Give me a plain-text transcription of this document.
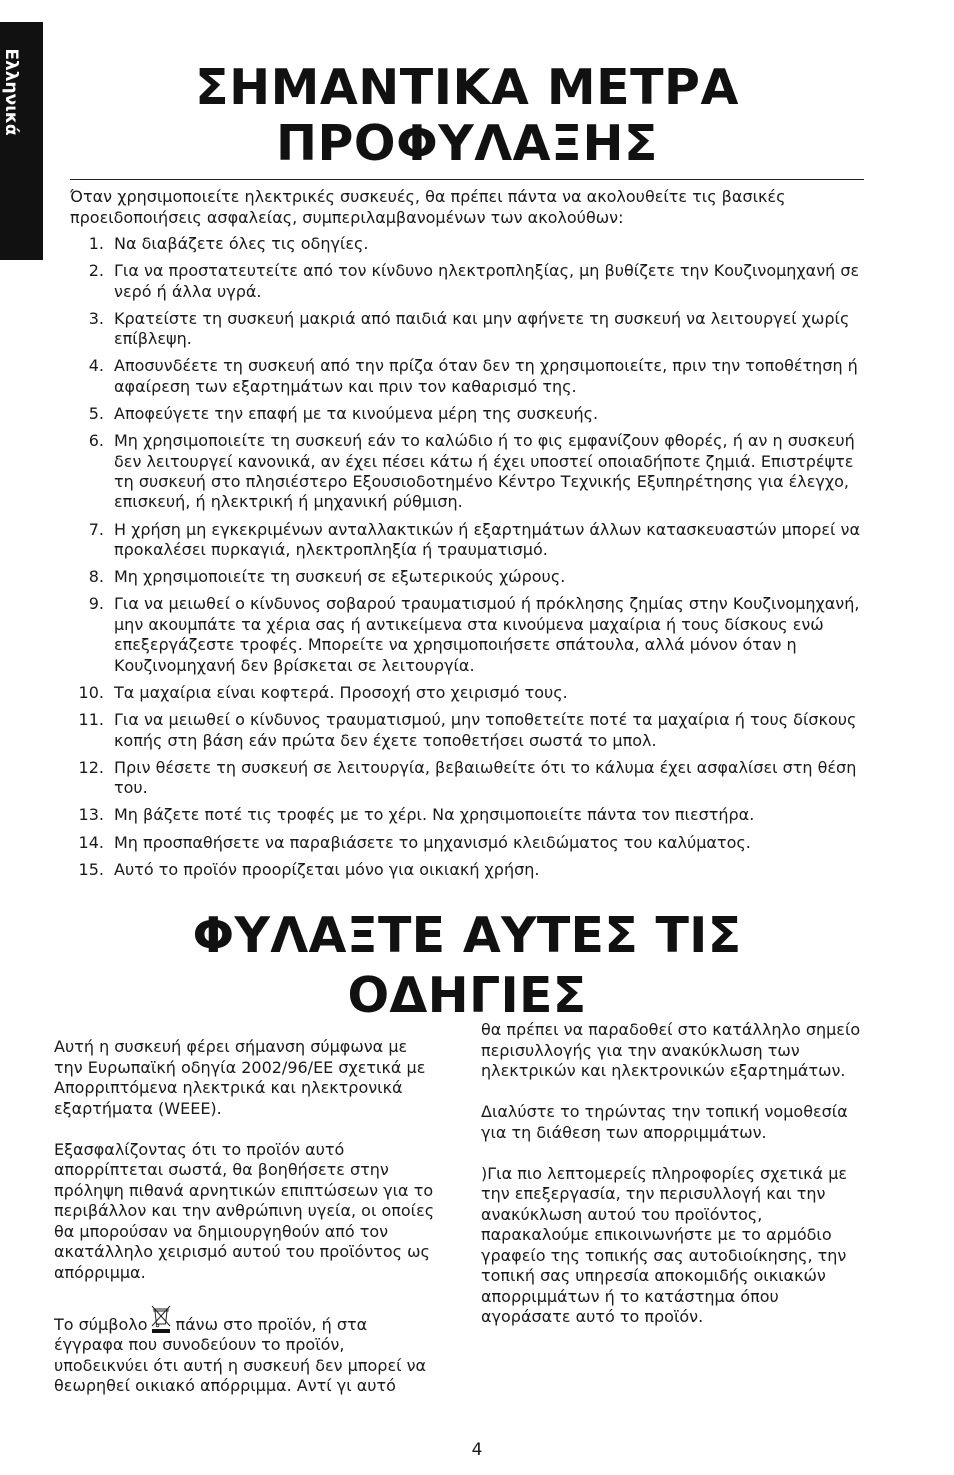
Ελληνικά	ΣΗΜΑΝΤΙΚΑ ΜΕΤΡΑ ΠΡΟΦΥΛΑΞΗΣ
Όταν χρησιμοποιείτε ηλεκτρικές συσκευές, θα πρέπει πάντα να ακολουθείτε τις βασικές προειδοποιήσεις ασφαλείας, συμπεριλαμβανομένων των ακολούθων:
1. Να διαβάζετε όλες τις οδηγίες.
2. Για να προστατευτείτε από τον κίνδυνο ηλεκτροπληξίας, μη βυθίζετε την Κουζινομηχανή σε νερό ή άλλα υγρά.
3. Κρατείστε τη συσκευή μακριά από παιδιά και μην αφήνετε τη συσκευή να λειτουργεί χωρίς επίβλεψη.
4. Αποσυνδέετε τη συσκευή από την πρίζα όταν δεν τη χρησιμοποιείτε, πριν την τοποθέτηση ή αφαίρεση των εξαρτημάτων και πριν τον καθαρισμό της.
5. Αποφεύγετε την επαφή με τα κινούμενα μέρη της συσκευής.
6. Μη χρησιμοποιείτε τη συσκευή εάν το καλώδιο ή το φις εμφανίζουν φθορές, ή αν η συσκευή δεν λειτουργεί κανονικά, αν έχει πέσει κάτω ή έχει υποστεί οποιαδήποτε ζημιά. Επιστρέψτε τη συσκευή στο πλησιέστερο Εξουσιοδοτημένο Κέντρο Τεχνικής Εξυπηρέτησης για έλεγχο, επισκευή, ή ηλεκτρική ή μηχανική ρύθμιση.
7. Η χρήση μη εγκεκριμένων ανταλλακτικών ή εξαρτημάτων άλλων κατασκευαστών μπορεί να προκαλέσει πυρκαγιά, ηλεκτροπληξία ή τραυματισμό.
8. Μη χρησιμοποιείτε τη συσκευή σε εξωτερικούς χώρους.
9. Για να μειωθεί ο κίνδυνος σοβαρού τραυματισμού ή πρόκλησης ζημίας στην Κουζινομηχανή, μην ακουμπάτε τα χέρια σας ή αντικείμενα στα κινούμενα μαχαίρια ή τους δίσκους ενώ επεξεργάζεστε τροφές. Μπορείτε να χρησιμοποιήσετε σπάτουλα, αλλά μόνον όταν η Κουζινομηχανή δεν βρίσκεται σε λειτουργία.
10. Τα μαχαίρια είναι κοφτερά. Προσοχή στο χειρισμό τους.
11. Για να μειωθεί ο κίνδυνος τραυματισμού, μην τοποθετείτε ποτέ τα μαχαίρια ή τους δίσκους κοπής στη βάση εάν πρώτα δεν έχετε τοποθετήσει σωστά το μπολ.
12. Πριν θέσετε τη συσκευή σε λειτουργία, βεβαιωθείτε ότι το κάλυμα έχει ασφαλίσει στη θέση του.
13. Μη βάζετε ποτέ τις τροφές με το χέρι. Να χρησιμοποιείτε πάντα τον πιεστήρα.
14. Μη προσπαθήσετε να παραβιάσετε το μηχανισμό κλειδώματος του καλύματος.
15. Αυτό το προϊόν προορίζεται μόνο για οικιακή χρήση.
ΦΥΛΑΞΤΕ ΑΥΤΕΣ ΤΙΣ ΟΔΗΓΙΕΣ

Αυτή η συσκευή φέρει σήμανση σύμφωνα με την Ευρωπαϊκή οδηγία 2002/96/ΕΕ σχετικά με Απορριπτόμενα ηλεκτρικά και ηλεκτρονικά εξαρτήματα (WEEE).

Εξασφαλίζοντας ότι το προϊόν αυτό απορρίπτεται σωστά, θα βοηθήσετε στην πρόληψη πιθανά αρνητικών επιπτώσεων για το περιβάλλον και την ανθρώπινη υγεία, οι οποίες θα μπορούσαν να δημιουργηθούν από τον ακατάλληλο χειρισμό αυτού του προϊόντος ως απόρριμμα.

Το σύμβολο πάνω στο προϊόν, ή στα έγγραφα που συνοδεύουν το προϊόν, υποδεικνύει ότι αυτή η συσκευή δεν μπορεί να θεωρηθεί οικιακό απόρριμμα. Αντί γι αυτό

θα πρέπει να παραδοθεί στο κατάλληλο σημείο περισυλλογής για την ανακύκλωση των ηλεκτρικών και ηλεκτρονικών εξαρτημάτων.

Διαλύστε το τηρώντας την τοπική νομοθεσία για τη διάθεση των απορριμμάτων.

)Για πιο λεπτομερείς πληροφορίες σχετικά με την επεξεργασία, την περισυλλογή και την ανακύκλωση αυτού του προϊόντος, παρακαλούμε επικοινωνήστε με το αρμόδιο γραφείο της τοπικής σας αυτοδιοίκησης, την τοπική σας υπηρεσία αποκομιδής οικιακών απορριμμάτων ή το κατάστημα όπου αγοράσατε αυτό το προϊόν.

4
